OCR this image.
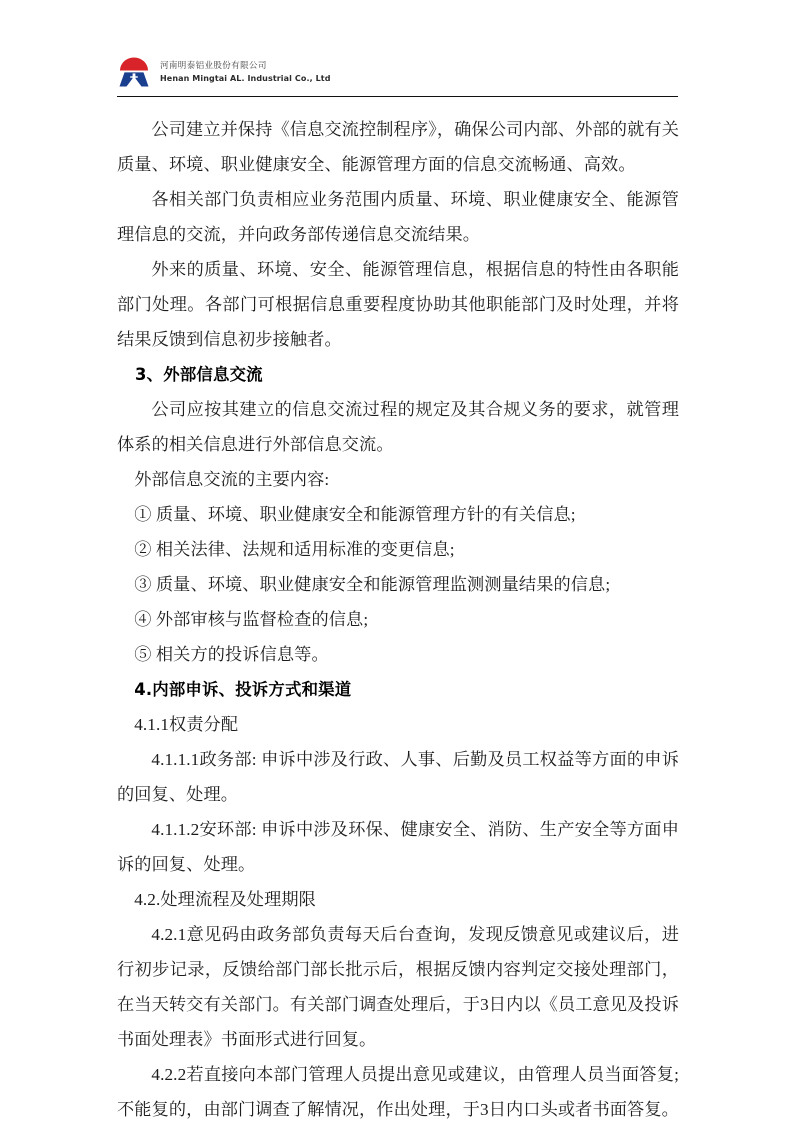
河南明泰铝业股份有限公司
Henan Mingtai AL. Industrial Co., Ltd

公司建立并保持《信息交流控制程序》，确保公司内部、外部的就有关质量、环境、职业健康安全、能源管理方面的信息交流畅通、高效。

各相关部门负责相应业务范围内质量、环境、职业健康安全、能源管理信息的交流，并向政务部传递信息交流结果。

外来的质量、环境、安全、能源管理信息，根据信息的特性由各职能部门处理。各部门可根据信息重要程度协助其他职能部门及时处理，并将结果反馈到信息初步接触者。

3、外部信息交流

公司应按其建立的信息交流过程的规定及其合规义务的要求，就管理体系的相关信息进行外部信息交流。

外部信息交流的主要内容:

① 质量、环境、职业健康安全和能源管理方针的有关信息;

② 相关法律、法规和适用标准的变更信息;

③ 质量、环境、职业健康安全和能源管理监测测量结果的信息;

④ 外部审核与监督检查的信息;

⑤ 相关方的投诉信息等。

4.内部申诉、投诉方式和渠道

4.1.1权责分配

4.1.1.1政务部: 申诉中涉及行政、人事、后勤及员工权益等方面的申诉的回复、处理。

4.1.1.2安环部: 申诉中涉及环保、健康安全、消防、生产安全等方面申诉的回复、处理。

4.2.处理流程及处理期限

4.2.1意见码由政务部负责每天后台查询，发现反馈意见或建议后，进行初步记录，反馈给部门部长批示后，根据反馈内容判定交接处理部门，在当天转交有关部门。有关部门调查处理后，于3日内以《员工意见及投诉书面处理表》书面形式进行回复。

4.2.2若直接向本部门管理人员提出意见或建议，由管理人员当面答复;不能复的，由部门调查了解情况，作出处理，于3日内口头或者书面答复。
